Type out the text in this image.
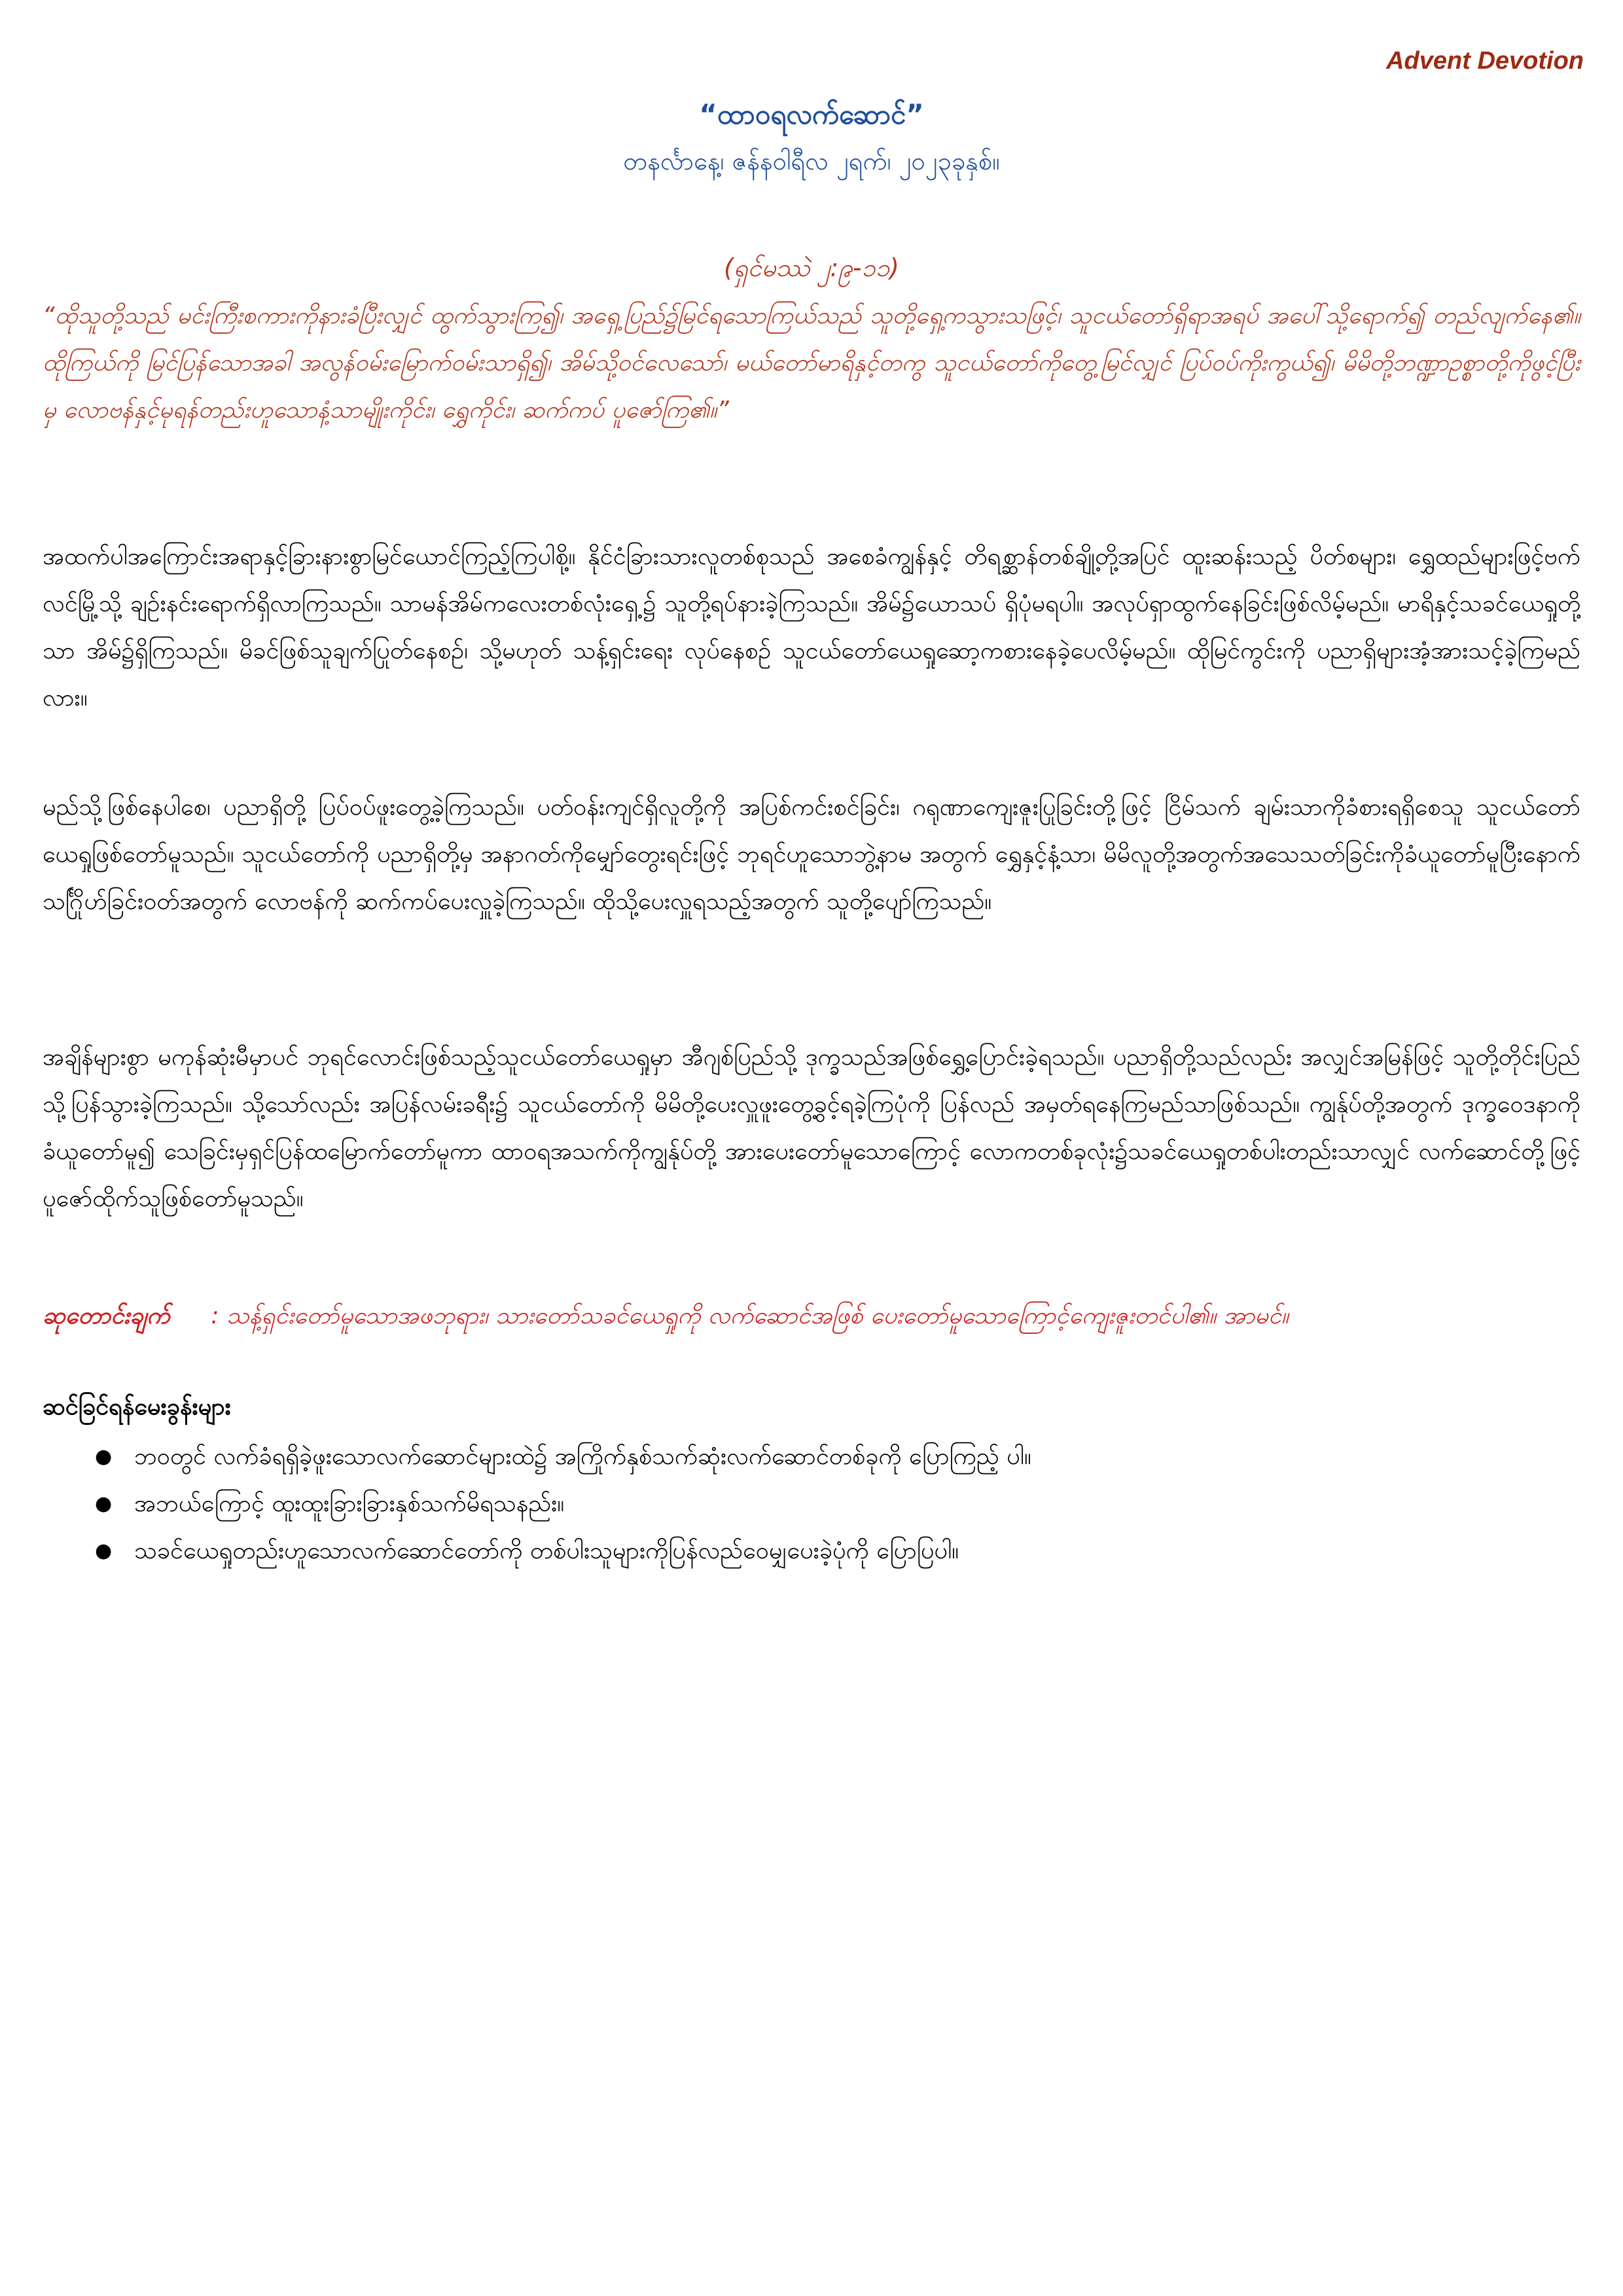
Advent Devotion

“ထာဝရလက်ဆောင်”

တနင်္လာနေ့၊ ဇန်နဝါရီလ ၂ရက်၊ ၂၀၂၃ခုနှစ်။

(ရှင်မဿဲ ၂:၉-၁၁)

“ထိုသူတို့သည် မင်းကြီးစကားကိုနားခံပြီးလျှင် ထွက်သွားကြ၍၊ အရှေ့ပြည်၌မြင်ရသောကြယ်သည် သူတို့ရှေ့ကသွားသဖြင့်၊ သူငယ်တော်ရှိရာအရပ် အပေါ်သို့ရောက်၍ တည်လျက်နေ၏။ ထိုကြယ်ကို မြင်ပြန်သောအခါ အလွန်ဝမ်းမြောက်ဝမ်းသာရှိ၍၊ အိမ်သို့ဝင်လေသော်၊ မယ်တော်မာရိနှင့်တကွ သူငယ်တော်ကိုတွေ့မြင်လျှင် ပြပ်ဝပ်ကိုးကွယ်၍၊ မိမိတို့ဘဏ္ဍာဥစ္စာတို့ကိုဖွင့်ပြီးမှ လောဗန်နှင့်မုရန်တည်းဟူသောနံ့သာမျိုးကိုင်း၊ ရွှေကိုင်း၊ ဆက်ကပ် ပူဇော်ကြ၏။”

အထက်ပါအကြောင်းအရာနှင့်ခြားနားစွာမြင်ယောင်ကြည့်ကြပါစို့။ နိုင်ငံခြားသားလူတစ်စုသည် အစေခံကျွန်နှင့် တိရစ္ဆာန်တစ်ချို့တို့အပြင် ထူးဆန်းသည့် ပိတ်စများ၊ ရွှေထည်များဖြင့်ဗက်လင်မြို့သို့ ချဉ်းနင်းရောက်ရှိလာကြသည်။ သာမန်အိမ်ကလေးတစ်လုံးရှေ့၌ သူတို့ရပ်နားခဲ့ကြသည်။ အိမ်၌ယောသပ် ရှိပုံမရပါ။ အလုပ်ရှာထွက်နေခြင်းဖြစ်လိမ့်မည်။ မာရိနှင့်သခင်ယေရှုတို့သာ အိမ်၌ရှိကြသည်။ မိခင်ဖြစ်သူချက်ပြုတ်နေစဉ်၊ သို့မဟုတ် သန့်ရှင်းရေး လုပ်နေစဉ် သူငယ်တော်ယေရှုဆော့ကစားနေခဲ့ပေလိမ့်မည်။ ထိုမြင်ကွင်းကို ပညာရှိများအံ့အားသင့်ခဲ့ကြမည်လား။

မည်သို့ဖြစ်နေပါစေ၊ ပညာရှိတို့ ပြပ်ဝပ်ဖူးတွေ့ခဲ့ကြသည်။ ပတ်ဝန်းကျင်ရှိလူတို့ကို အပြစ်ကင်းစင်ခြင်း၊ ဂရုဏာကျေးဇူးပြုခြင်းတို့ဖြင့် ငြိမ်သက် ချမ်းသာကိုခံစားရရှိစေသူ သူငယ်တော်ယေရှုဖြစ်တော်မူသည်။ သူငယ်တော်ကို ပညာရှိတို့မှ အနာဂတ်ကိုမျှော်တွေးရင်းဖြင့် ဘုရင်ဟူသောဘွဲ့နာမ အတွက် ရွှေနှင့်နံ့သာ၊ မိမိလူတို့အတွက်အသေသတ်ခြင်းကိုခံယူတော်မူပြီးနောက် သင်္ဂြိုဟ်ခြင်းဝတ်အတွက် လောဗန်ကို ဆက်ကပ်ပေးလှူခဲ့ကြသည်။ ထိုသို့ပေးလှူရသည့်အတွက် သူတို့ပျော်ကြသည်။

အချိန်များစွာ မကုန်ဆုံးမီမှာပင် ဘုရင်လောင်းဖြစ်သည့်သူငယ်တော်ယေရှုမှာ အီဂျစ်ပြည်သို့ ဒုက္ခသည်အဖြစ်ရွှေ့ပြောင်းခဲ့ရသည်။ ပညာရှိတို့သည်လည်း အလျှင်အမြန်ဖြင့် သူတို့တိုင်းပြည်သို့ပြန်သွားခဲ့ကြသည်။ သို့သော်လည်း အပြန်လမ်းခရီး၌ သူငယ်တော်ကို မိမိတို့ပေးလှူဖူးတွေ့ခွင့်ရခဲ့ကြပုံကို ပြန်လည် အမှတ်ရနေကြမည်သာဖြစ်သည်။ ကျွန်ုပ်တို့အတွက် ဒုက္ခဝေဒနာကိုခံယူတော်မူ၍ သေခြင်းမှရှင်ပြန်ထမြောက်တော်မူကာ ထာဝရအသက်ကိုကျွန်ုပ်တို့ အားပေးတော်မူသောကြောင့် လောကတစ်ခုလုံး၌သခင်ယေရှုတစ်ပါးတည်းသာလျှင် လက်ဆောင်တို့ဖြင့်ပူဇော်ထိုက်သူဖြစ်တော်မူသည်။

ဆုတောင်းချက် : သန့်ရှင်းတော်မူသောအဖဘုရား၊ သားတော်သခင်ယေရှုကို လက်ဆောင်အဖြစ် ပေးတော်မူသောကြောင့်ကျေးဇူးတင်ပါ၏။ အာမင်။

ဆင်ခြင်ရန်မေးခွန်းများ

● ဘဝတွင် လက်ခံရရှိခဲ့ဖူးသောလက်ဆောင်များထဲ၌ အကြိုက်နှစ်သက်ဆုံးလက်ဆောင်တစ်ခုကို ပြောကြည့် ပါ။
● အဘယ်ကြောင့် ထူးထူးခြားခြားနှစ်သက်မိရသနည်း။
● သခင်ယေရှုတည်းဟူသောလက်ဆောင်တော်ကို တစ်ပါးသူများကိုပြန်လည်ဝေမျှပေးခဲ့ပုံကို ပြောပြပါ။
